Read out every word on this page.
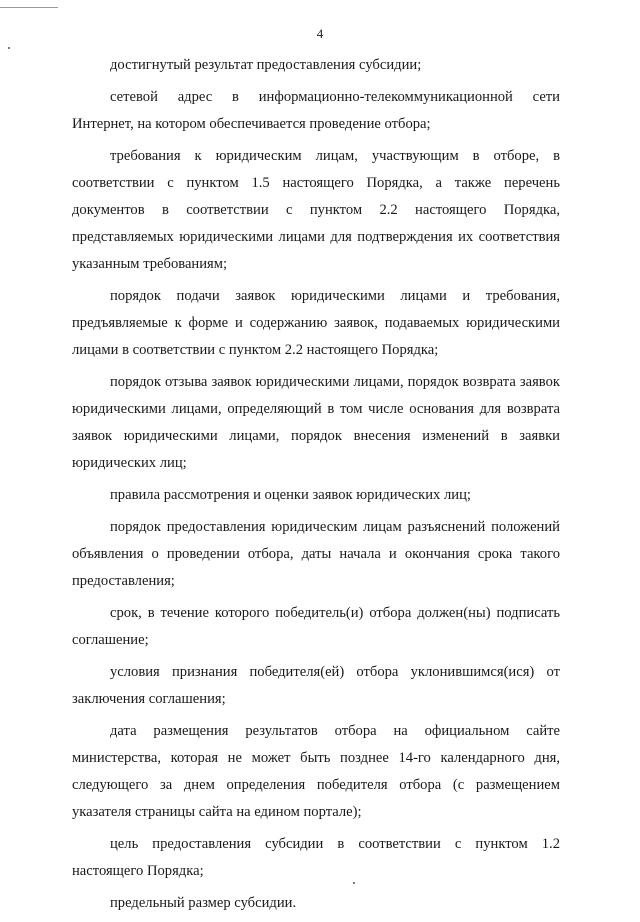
4

достигнутый результат предоставления субсидии;

сетевой адрес в информационно-телекоммуникационной сети Интернет, на котором обеспечивается проведение отбора;

требования к юридическим лицам, участвующим в отборе, в соответствии с пунктом 1.5 настоящего Порядка, а также перечень документов в соответствии с пунктом 2.2 настоящего Порядка, представляемых юридическими лицами для подтверждения их соответствия указанным требованиям;

порядок подачи заявок юридическими лицами и требования, предъявляемые к форме и содержанию заявок, подаваемых юридическими лицами в соответствии с пунктом 2.2 настоящего Порядка;

порядок отзыва заявок юридическими лицами, порядок возврата заявок юридическими лицами, определяющий в том числе основания для возврата заявок юридическими лицами, порядок внесения изменений в заявки юридических лиц;

правила рассмотрения и оценки заявок юридических лиц;

порядок предоставления юридическим лицам разъяснений положений объявления о проведении отбора, даты начала и окончания срока такого предоставления;

срок, в течение которого победитель(и) отбора должен(ны) подписать соглашение;

условия признания победителя(ей) отбора уклонившимся(ися) от заключения соглашения;

дата размещения результатов отбора на официальном сайте министерства, которая не может быть позднее 14-го календарного дня, следующего за днем определения победителя отбора (с размещением указателя страницы сайта на едином портале);

цель предоставления субсидии в соответствии с пунктом 1.2 настоящего Порядка;

предельный размер субсидии.
